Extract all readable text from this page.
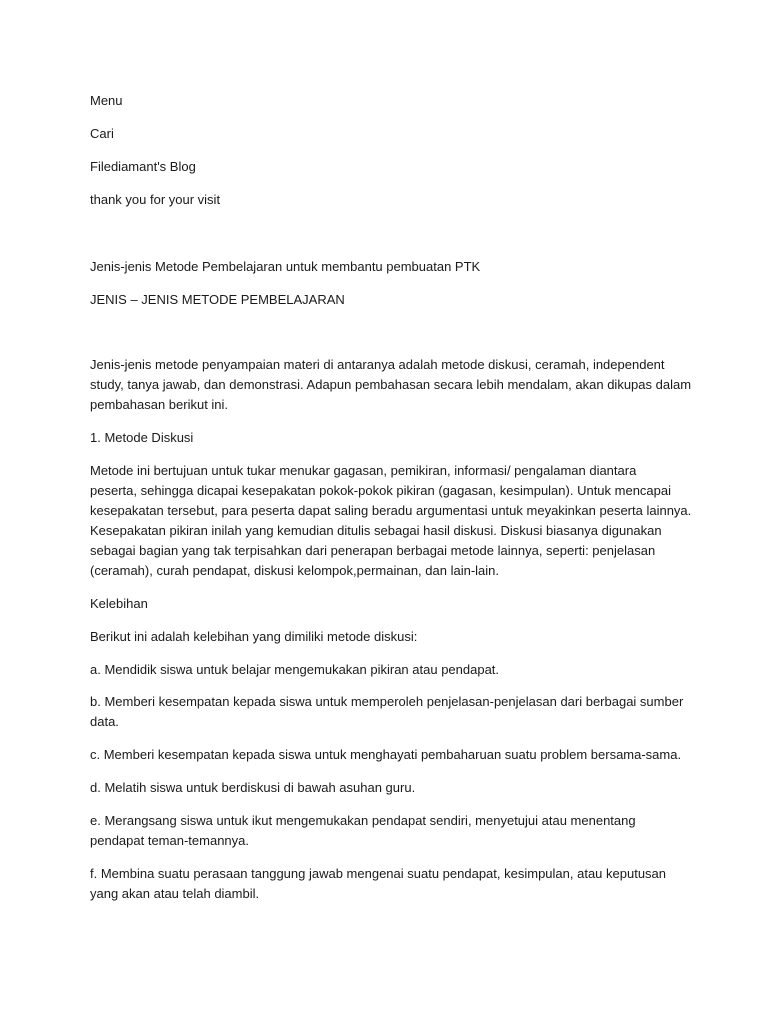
Menu

Cari

Filediamant's Blog

thank you for your visit

Jenis-jenis Metode Pembelajaran untuk membantu pembuatan PTK

JENIS – JENIS METODE PEMBELAJARAN

Jenis-jenis metode penyampaian materi di antaranya adalah metode diskusi, ceramah, independent
study, tanya jawab, dan demonstrasi. Adapun pembahasan secara lebih mendalam, akan dikupas dalam
pembahasan berikut ini.

1. Metode Diskusi

Metode ini bertujuan untuk tukar menukar gagasan, pemikiran, informasi/ pengalaman diantara
peserta, sehingga dicapai kesepakatan pokok-pokok pikiran (gagasan, kesimpulan). Untuk mencapai
kesepakatan tersebut, para peserta dapat saling beradu argumentasi untuk meyakinkan peserta lainnya.
Kesepakatan pikiran inilah yang kemudian ditulis sebagai hasil diskusi. Diskusi biasanya digunakan
sebagai bagian yang tak terpisahkan dari penerapan berbagai metode lainnya, seperti: penjelasan
(ceramah), curah pendapat, diskusi kelompok,permainan, dan lain-lain.

Kelebihan

Berikut ini adalah kelebihan yang dimiliki metode diskusi:

a. Mendidik siswa untuk belajar mengemukakan pikiran atau pendapat.
b. Memberi kesempatan kepada siswa untuk memperoleh penjelasan-penjelasan dari berbagai sumber
data.
c. Memberi kesempatan kepada siswa untuk menghayati pembaharuan suatu problem bersama-sama.
d. Melatih siswa untuk berdiskusi di bawah asuhan guru.
e. Merangsang siswa untuk ikut mengemukakan pendapat sendiri, menyetujui atau menentang
pendapat teman-temannya.
f. Membina suatu perasaan tanggung jawab mengenai suatu pendapat, kesimpulan, atau keputusan
yang akan atau telah diambil.
